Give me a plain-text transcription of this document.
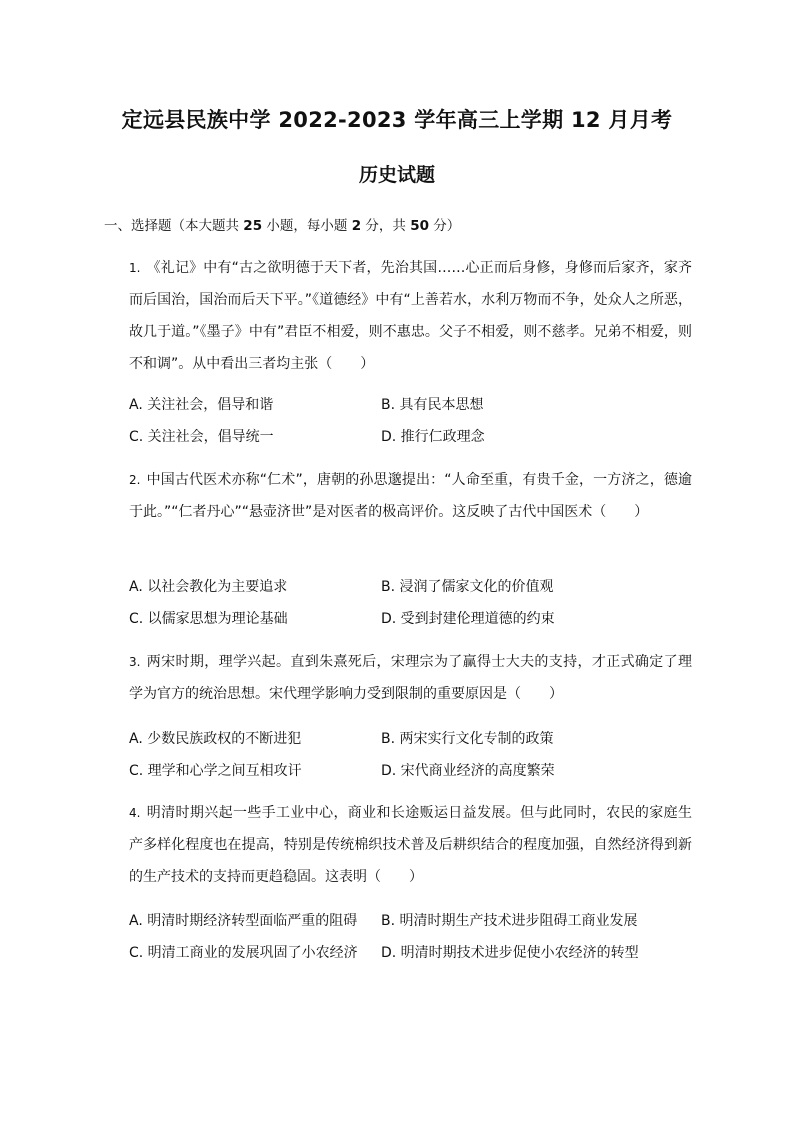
定远县民族中学 2022-2023 学年高三上学期 12 月月考
历史试题
一、选择题（本大题共 25 小题，每小题 2 分，共 50 分）
1. 《礼记》中有“古之欲明德于天下者，先治其国……心正而后身修，身修而后家齐，家齐而后国治，国治而后天下平。”《道德经》中有“上善若水，水利万物而不争，处众人之所恶，故几于道。”《墨子》中有”君臣不相爱，则不惠忠。父子不相爱，则不慈孝。兄弟不相爱，则不和调”。从中看出三者均主张（　　）
A. 关注社会，倡导和谐	B. 具有民本思想
C. 关注社会，倡导统一	D. 推行仁政理念
2. 中国古代医术亦称“仁术”，唐朝的孙思邈提出：“人命至重，有贵千金，一方济之，德逾于此。”“仁者丹心”“悬壶济世”是对医者的极高评价。这反映了古代中国医术（　　）
A. 以社会教化为主要追求	B. 浸润了儒家文化的价值观
C. 以儒家思想为理论基础	D. 受到封建伦理道德的约束
3. 两宋时期，理学兴起。直到朱熹死后，宋理宗为了赢得士大夫的支持，才正式确定了理学为官方的统治思想。宋代理学影响力受到限制的重要原因是（　　）
A. 少数民族政权的不断进犯	B. 两宋实行文化专制的政策
C. 理学和心学之间互相攻讦	D. 宋代商业经济的高度繁荣
4. 明清时期兴起一些手工业中心，商业和长途贩运日益发展。但与此同时，农民的家庭生产多样化程度也在提高，特别是传统棉织技术普及后耕织结合的程度加强，自然经济得到新的生产技术的支持而更趋稳固。这表明（　　）
A. 明清时期经济转型面临严重的阻碍	B. 明清时期生产技术进步阻碍工商业发展
C. 明清工商业的发展巩固了小农经济	D. 明清时期技术进步促使小农经济的转型
